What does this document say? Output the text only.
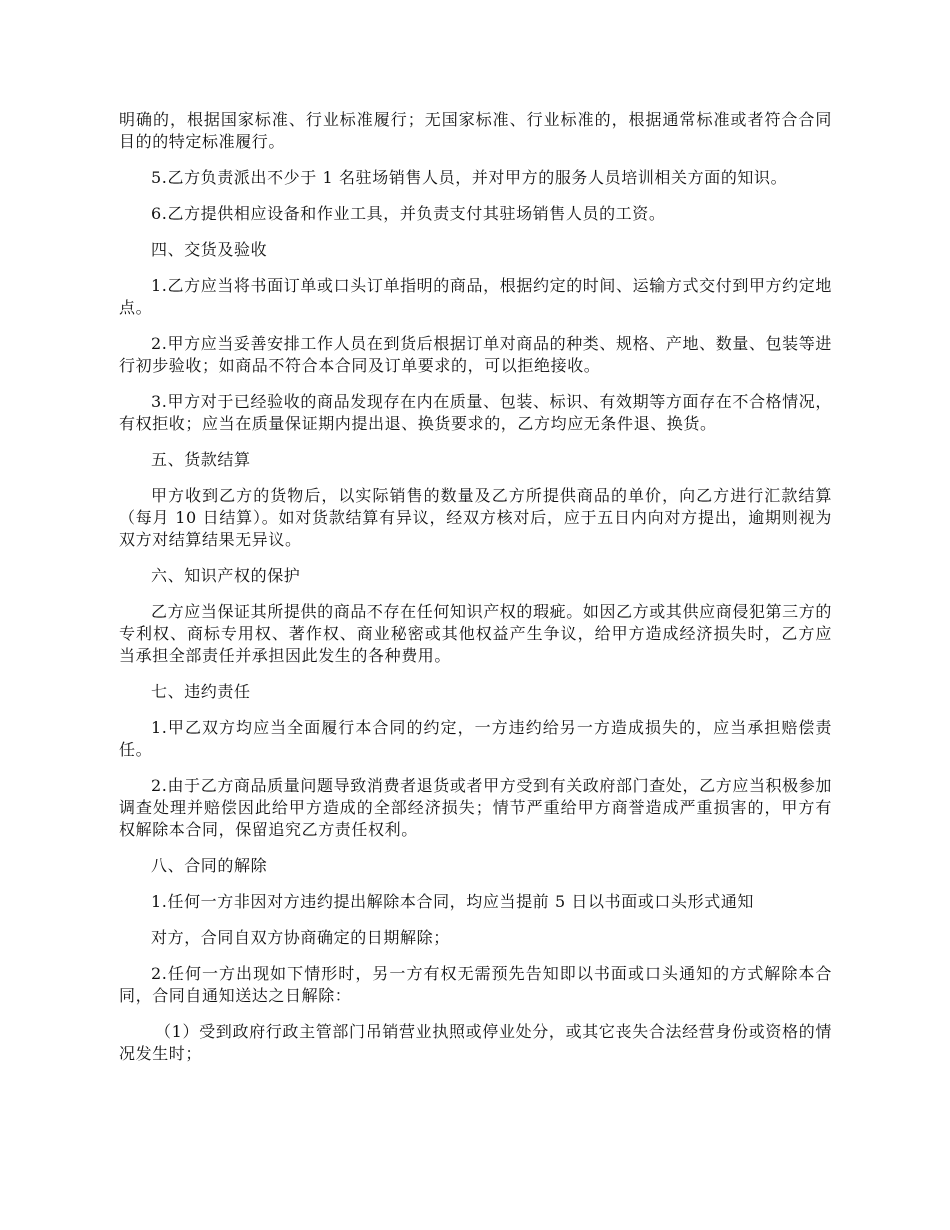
明确的，根据国家标准、行业标准履行；无国家标准、行业标准的，根据通常标准或者符合合同目的的特定标准履行。

5.乙方负责派出不少于 1 名驻场销售人员，并对甲方的服务人员培训相关方面的知识。

6.乙方提供相应设备和作业工具，并负责支付其驻场销售人员的工资。

四、交货及验收

1.乙方应当将书面订单或口头订单指明的商品，根据约定的时间、运输方式交付到甲方约定地点。

2.甲方应当妥善安排工作人员在到货后根据订单对商品的种类、规格、产地、数量、包装等进行初步验收；如商品不符合本合同及订单要求的，可以拒绝接收。

3.甲方对于已经验收的商品发现存在内在质量、包装、标识、有效期等方面存在不合格情况，有权拒收；应当在质量保证期内提出退、换货要求的，乙方均应无条件退、换货。

五、货款结算

甲方收到乙方的货物后，以实际销售的数量及乙方所提供商品的单价，向乙方进行汇款结算（每月 10 日结算）。如对货款结算有异议，经双方核对后，应于五日内向对方提出，逾期则视为双方对结算结果无异议。

六、知识产权的保护

乙方应当保证其所提供的商品不存在任何知识产权的瑕疵。如因乙方或其供应商侵犯第三方的专利权、商标专用权、著作权、商业秘密或其他权益产生争议，给甲方造成经济损失时，乙方应当承担全部责任并承担因此发生的各种费用。

七、违约责任

1.甲乙双方均应当全面履行本合同的约定，一方违约给另一方造成损失的，应当承担赔偿责任。

2.由于乙方商品质量问题导致消费者退货或者甲方受到有关政府部门查处，乙方应当积极参加调查处理并赔偿因此给甲方造成的全部经济损失；情节严重给甲方商誉造成严重损害的，甲方有权解除本合同，保留追究乙方责任权利。

八、合同的解除

1.任何一方非因对方违约提出解除本合同，均应当提前 5 日以书面或口头形式通知

对方，合同自双方协商确定的日期解除；

2.任何一方出现如下情形时，另一方有权无需预先告知即以书面或口头通知的方式解除本合同，合同自通知送达之日解除：

（1）受到政府行政主管部门吊销营业执照或停业处分，或其它丧失合法经营身份或资格的情况发生时；
